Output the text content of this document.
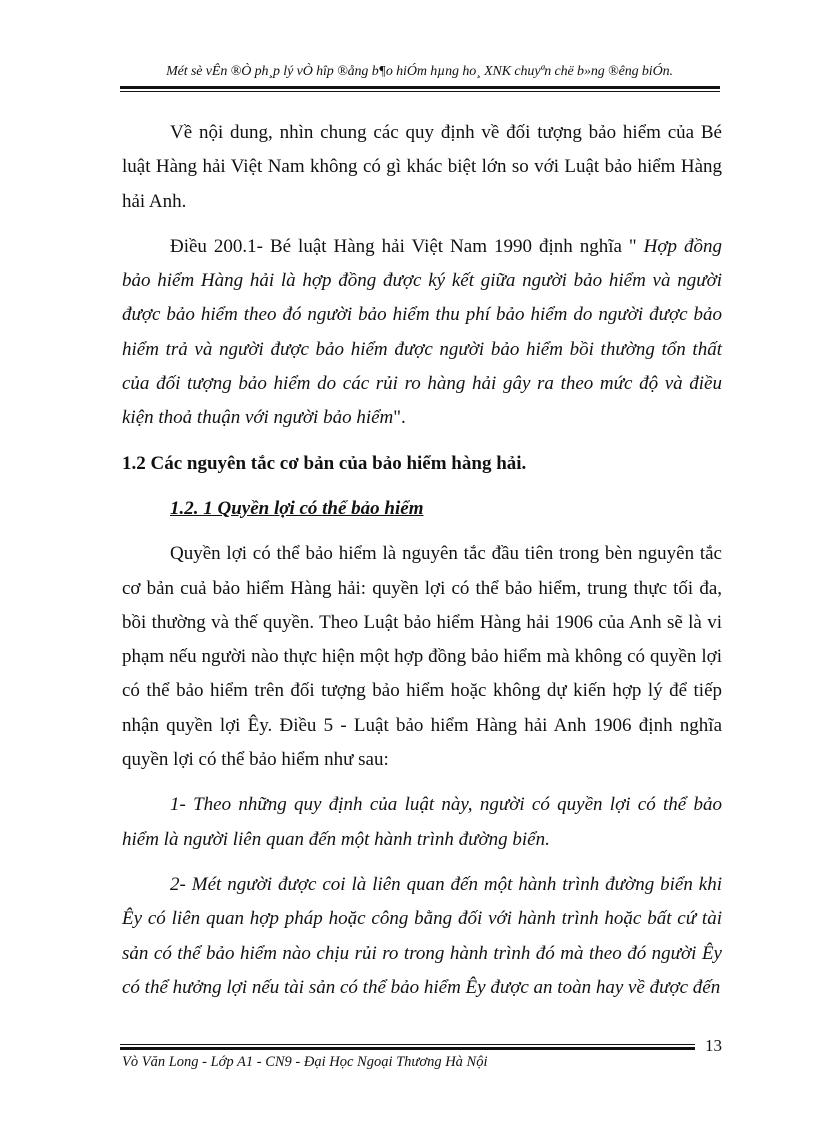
Mét sè vÊn ®Ò ph¸p lý vÒ hîp ®ång b¶o hiÓm hµng ho¸ XNK chuyªn chë b»ng ®êng biÓn.

Về nội dung, nhìn chung các quy định về đối tượng bảo hiểm của Bé luật Hàng hải Việt Nam không có gì khác biệt lớn so với Luật bảo hiểm Hàng hải Anh.

Điều 200.1- Bé luật Hàng hải Việt Nam 1990 định nghĩa " Hợp đồng bảo hiểm Hàng hải là hợp đồng được ký kết giữa người bảo hiểm và người được bảo hiểm theo đó người bảo hiểm thu phí bảo hiểm do người được bảo hiểm trả và người được bảo hiểm được người bảo hiểm bồi thường tổn thất của đối tượng bảo hiểm do các rủi ro hàng hải gây ra theo mức độ và điều kiện thoả thuận với người bảo hiểm".

1.2 Các nguyên tắc cơ bản của bảo hiểm hàng hải.
1.2. 1 Quyền lợi có thể bảo hiểm

Quyền lợi có thể bảo hiểm là nguyên tắc đầu tiên trong bèn nguyên tắc cơ bản cuả bảo hiểm Hàng hải: quyền lợi có thể bảo hiểm, trung thực tối đa, bồi thường và thế quyền. Theo Luật bảo hiểm Hàng hải 1906 của Anh sẽ là vi phạm nếu người nào thực hiện một hợp đồng bảo hiểm mà không có quyền lợi có thể bảo hiểm trên đối tượng bảo hiểm hoặc không dự kiến hợp lý để tiếp nhận quyền lợi Êy. Điều 5 - Luật bảo hiểm Hàng hải Anh 1906 định nghĩa quyền lợi có thể bảo hiểm như sau:

1- Theo những quy định của luật này, người có quyền lợi có thể bảo hiểm là người liên quan đến một hành trình đường biển.

2- Mét người được coi là liên quan đến một hành trình đường biển khi Êy có liên quan hợp pháp hoặc công bằng đối với hành trình hoặc bất cứ tài sản có thể bảo hiểm nào chịu rủi ro trong hành trình đó mà theo đó người Êy có thể hưởng lợi nếu tài sản có thể bảo hiểm Êy được an toàn hay về được đến

13
Vò Văn Long - Lớp A1 - CN9 - Đại Học Ngoại Thương Hà Nội
